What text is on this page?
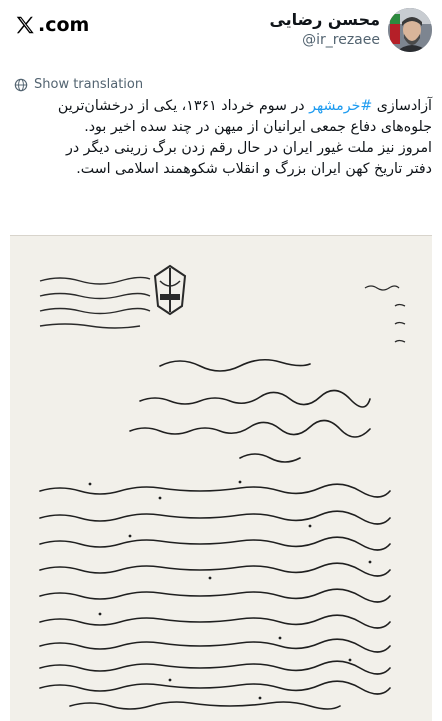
محسن رضایی
@ir_rezaee
.com
Show translation
آزادسازی #خرمشهر در سوم خرداد ۱۳۶۱، یکی از درخشان‌ترین
جلوه‌های دفاع جمعی ایرانیان از میهن در چند سده اخیر بود.
امروز نیز ملت غیور ایران در حال رقم زدن برگ زرینی دیگر در
دفتر تاریخ کهن ایران بزرگ و انقلاب شکوهمند اسلامی است.
